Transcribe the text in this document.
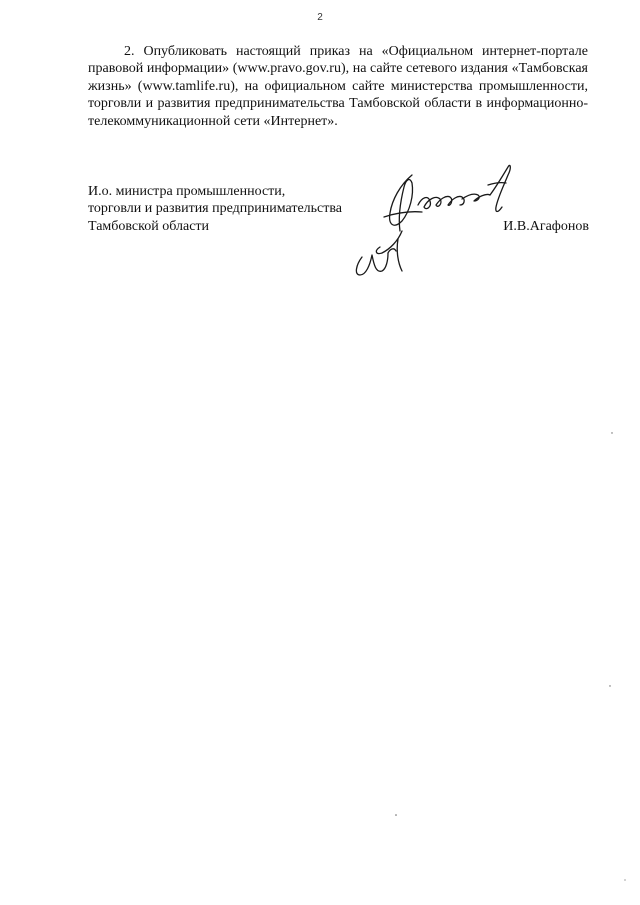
2

2. Опубликовать настоящий приказ на «Официальном интернет-портале правовой информации» (www.pravo.gov.ru), на сайте сетевого издания «Тамбовская жизнь» (www.tamlife.ru), на официальном сайте министерства промышленности, торговли и развития предпринимательства Тамбовской области в информационно-телекоммуникационной сети «Интернет».

И.о. министра промышленности,
торговли и развития предпринимательства
Тамбовской области	И.В.Агафонов
